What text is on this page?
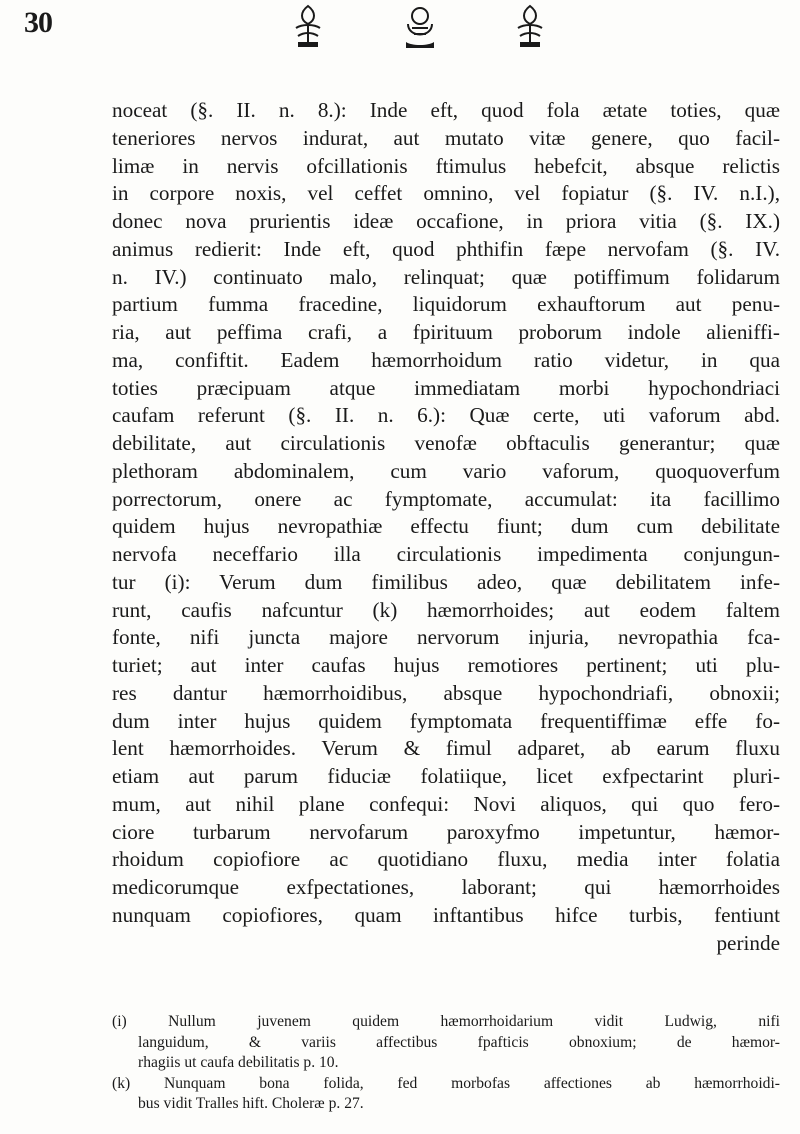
30
noceat (§. II. n. 8.): Inde eft, quod fola ætate toties, quæ
teneriores nervos indurat, aut mutato vitæ genere, quo facil-
limæ in nervis ofcillationis ftimulus hebefcit, absque relictis
in corpore noxis, vel ceffet omnino, vel fopiatur (§. IV. n.I.),
donec nova prurientis ideæ occafione, in priora vitia (§. IX.)
animus redierit: Inde eft, quod phthifin fæpe nervofam (§. IV.
n. IV.) continuato malo, relinquat; quæ potiffimum folidarum
partium fumma fracedine, liquidorum exhauftorum aut penu-
ria, aut peffima crafi, a fpirituum proborum indole alieniffi-
ma, confiftit. Eadem hæmorrhoidum ratio videtur, in qua
toties præcipuam atque immediatam morbi hypochondriaci
caufam referunt (§. II. n. 6.): Quæ certe, uti vaforum abd.
debilitate, aut circulationis venofæ obftaculis generantur; quæ
plethoram abdominalem, cum vario vaforum, quoquoverfum
porrectorum, onere ac fymptomate, accumulat: ita facillimo
quidem hujus nevropathiæ effectu fiunt; dum cum debilitate
nervofa neceffario illa circulationis impedimenta conjungun-
tur (i): Verum dum fimilibus adeo, quæ debilitatem infe-
runt, caufis nafcuntur (k) hæmorrhoides; aut eodem faltem
fonte, nifi juncta majore nervorum injuria, nevropathia fca-
turiet; aut inter caufas hujus remotiores pertinent; uti plu-
res dantur hæmorrhoidibus, absque hypochondriafi, obnoxii;
dum inter hujus quidem fymptomata frequentiffimæ effe fo-
lent hæmorrhoides. Verum & fimul adparet, ab earum fluxu
etiam aut parum fiduciæ folatiique, licet exfpectarint pluri-
mum, aut nihil plane confequi: Novi aliquos, qui quo fero-
ciore turbarum nervofarum paroxyfmo impetuntur, hæmor-
rhoidum copiofiore ac quotidiano fluxu, media inter folatia
medicorumque exfpectationes, laborant; qui hæmorrhoides
nunquam copiofiores, quam inftantibus hifce turbis, fentiunt
perinde
(i)	Nullum juvenem quidem hæmorrhoidarium vidit Ludwig, nifi
languidum, & variis affectibus fpafticis obnoxium; de hæmor-
rhagiis ut caufa debilitatis p. 10.
(k) Nunquam bona folida, fed morbofas affectiones ab hæmorrhoidi-
bus vidit Tralles hift. Choleræ p. 27.
